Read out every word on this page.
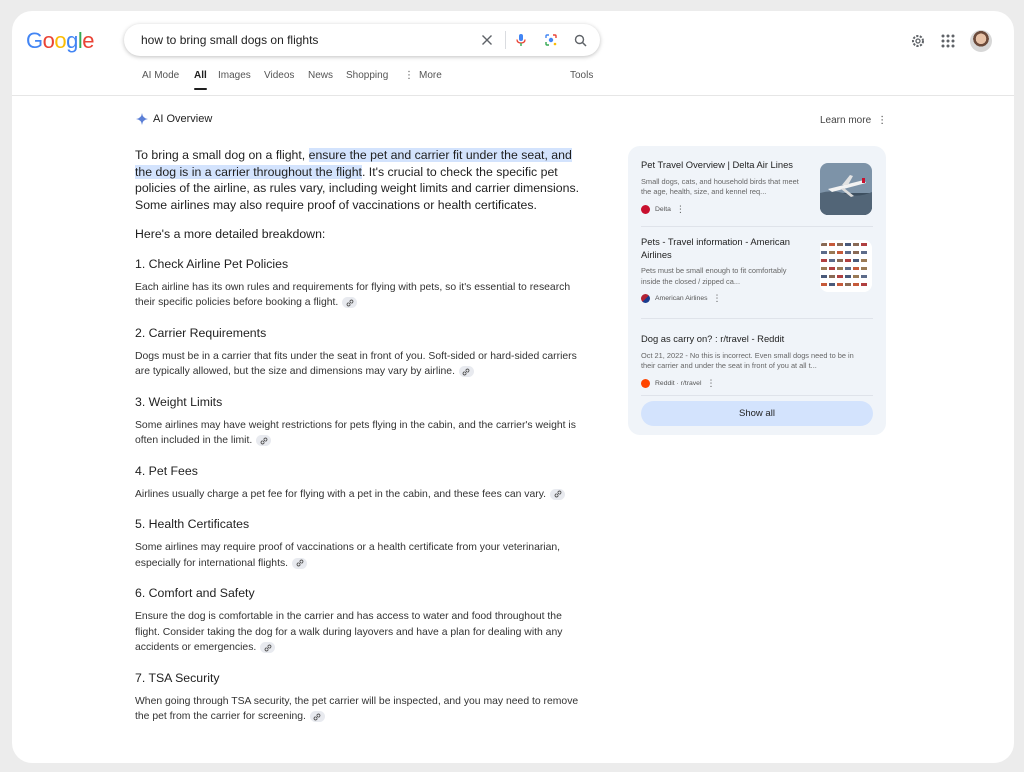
Google
how to bring small dogs on flights
AI Mode All Images Videos News Shopping ⋮ More	Tools
AI Overview	Learn more ⋮

To bring a small dog on a flight, ensure the pet and carrier fit under the seat, and the dog is in a carrier throughout the flight. It's crucial to check the specific pet policies of the airline, as rules vary, including weight limits and carrier dimensions. Some airlines may also require proof of vaccinations or health certificates.

Here's a more detailed breakdown:

1. Check Airline Pet Policies

Each airline has its own rules and requirements for flying with pets, so it's essential to research their specific policies before booking a flight.

2. Carrier Requirements

Dogs must be in a carrier that fits under the seat in front of you. Soft-sided or hard-sided carriers are typically allowed, but the size and dimensions may vary by airline.

3. Weight Limits

Some airlines may have weight restrictions for pets flying in the cabin, and the carrier's weight is often included in the limit.

4. Pet Fees

Airlines usually charge a pet fee for flying with a pet in the cabin, and these fees can vary.

5. Health Certificates

Some airlines may require proof of vaccinations or a health certificate from your veterinarian, especially for international flights.

6. Comfort and Safety

Ensure the dog is comfortable in the carrier and has access to water and food throughout the flight. Consider taking the dog for a walk during layovers and have a plan for dealing with any accidents or emergencies.

7. TSA Security

When going through TSA security, the pet carrier will be inspected, and you may need to remove the pet from the carrier for screening.

Pet Travel Overview | Delta Air Lines
Small dogs, cats, and household birds that meet the age, health, size, and kennel req...
Delta ⋮
Pets - Travel information - American Airlines
Pets must be small enough to fit comfortably inside the closed / zipped ca...
American Airlines ⋮
Dog as carry on? : r/travel - Reddit
Oct 21, 2022 - No this is incorrect. Even small dogs need to be in their carrier and under the seat in front of you at all t...
Reddit · r/travel ⋮
Show all
